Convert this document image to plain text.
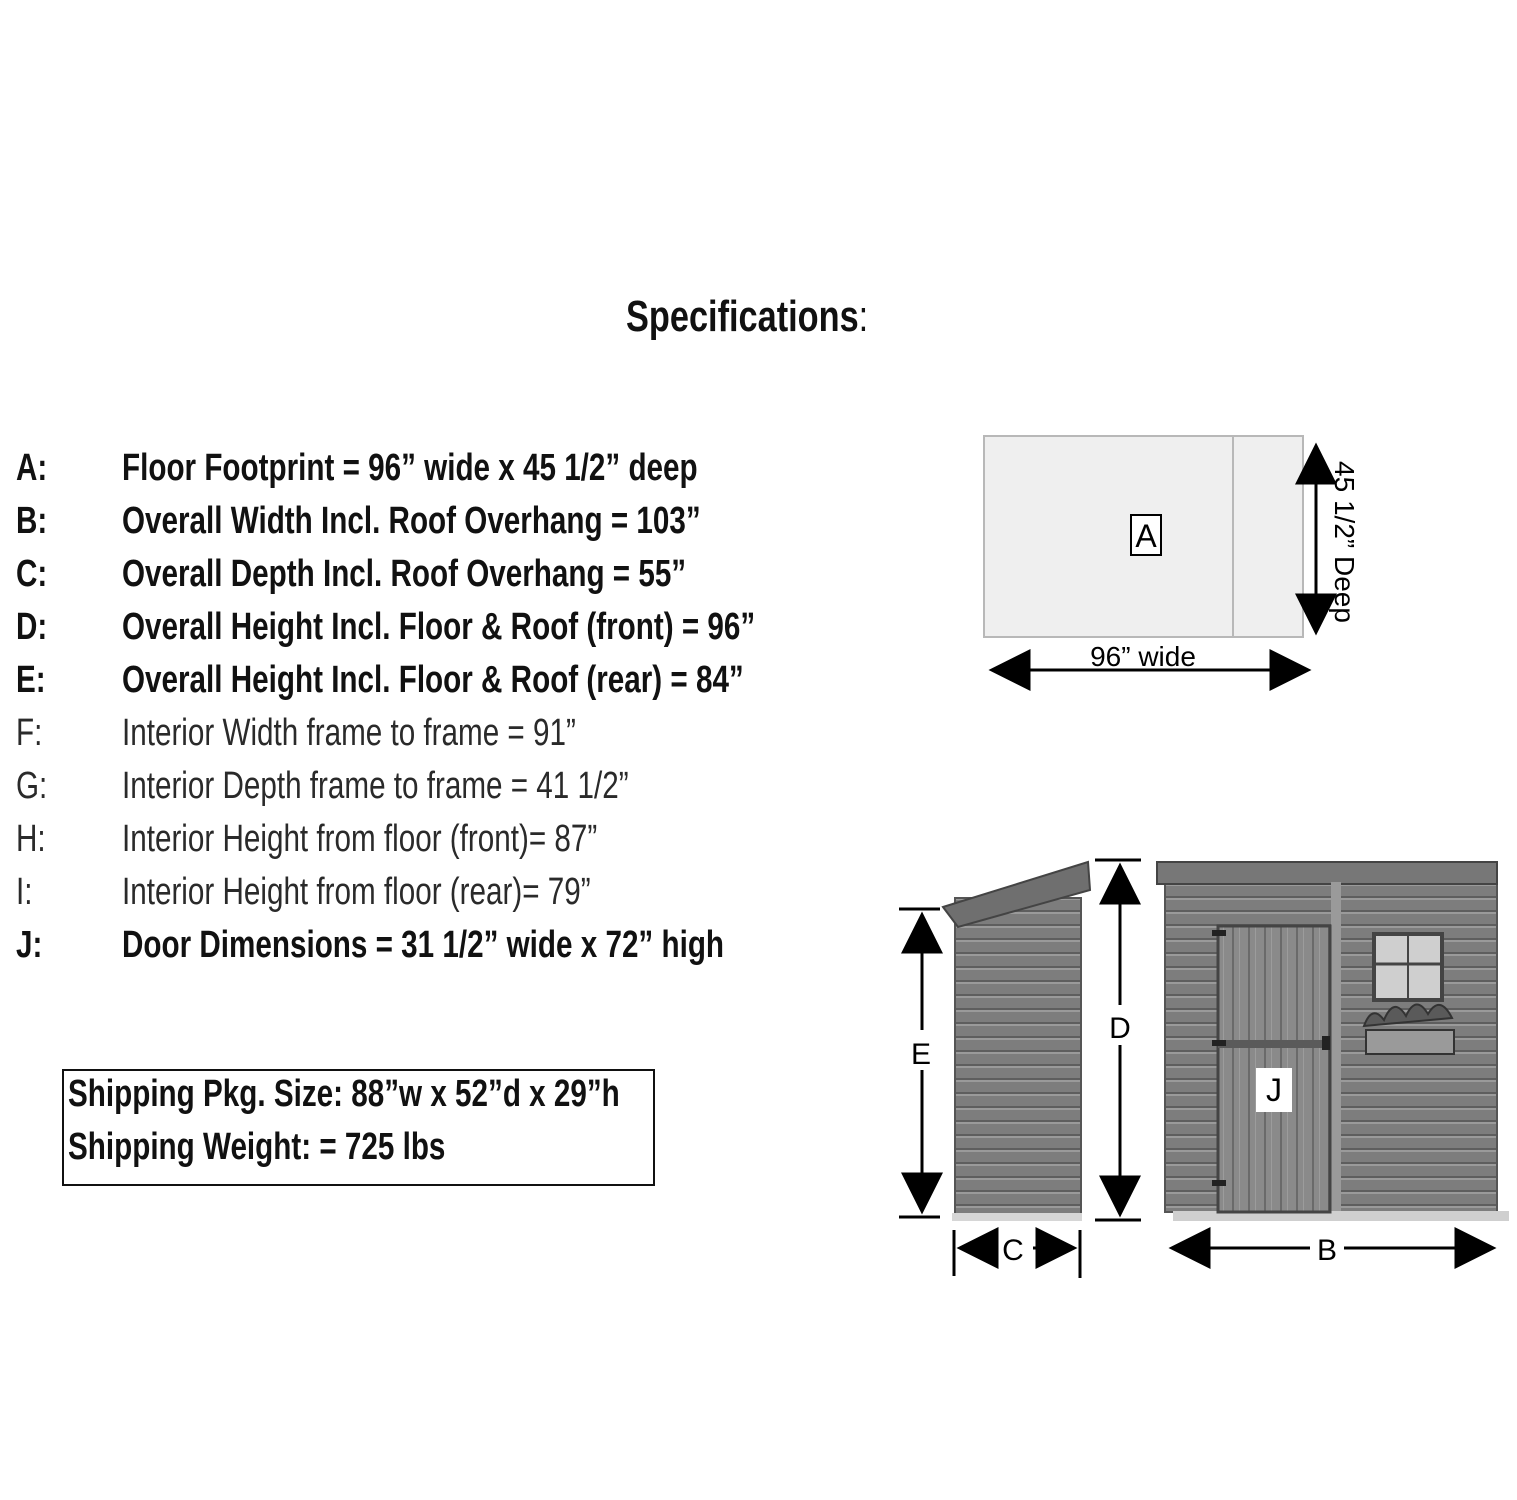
Specifications:
A: Floor Footprint = 96” wide x 45 1/2” deep
B: Overall Width Incl. Roof Overhang = 103”
C: Overall Depth Incl. Roof Overhang = 55”
D: Overall Height Incl. Floor & Roof (front) = 96”
E: Overall Height Incl. Floor & Roof (rear) = 84”
F: Interior Width frame to frame = 91”
G: Interior Depth frame to frame = 41 1/2”
H: Interior Height from floor (front)= 87”
I: Interior Height from floor (rear)= 79”
J: Door Dimensions = 31 1/2” wide x 72” high
Shipping Pkg. Size: 88”w x 52”d x 29”h
Shipping Weight: = 725 lbs
A
96” wide
45 1/2” Deep
E
D
C
J
B
